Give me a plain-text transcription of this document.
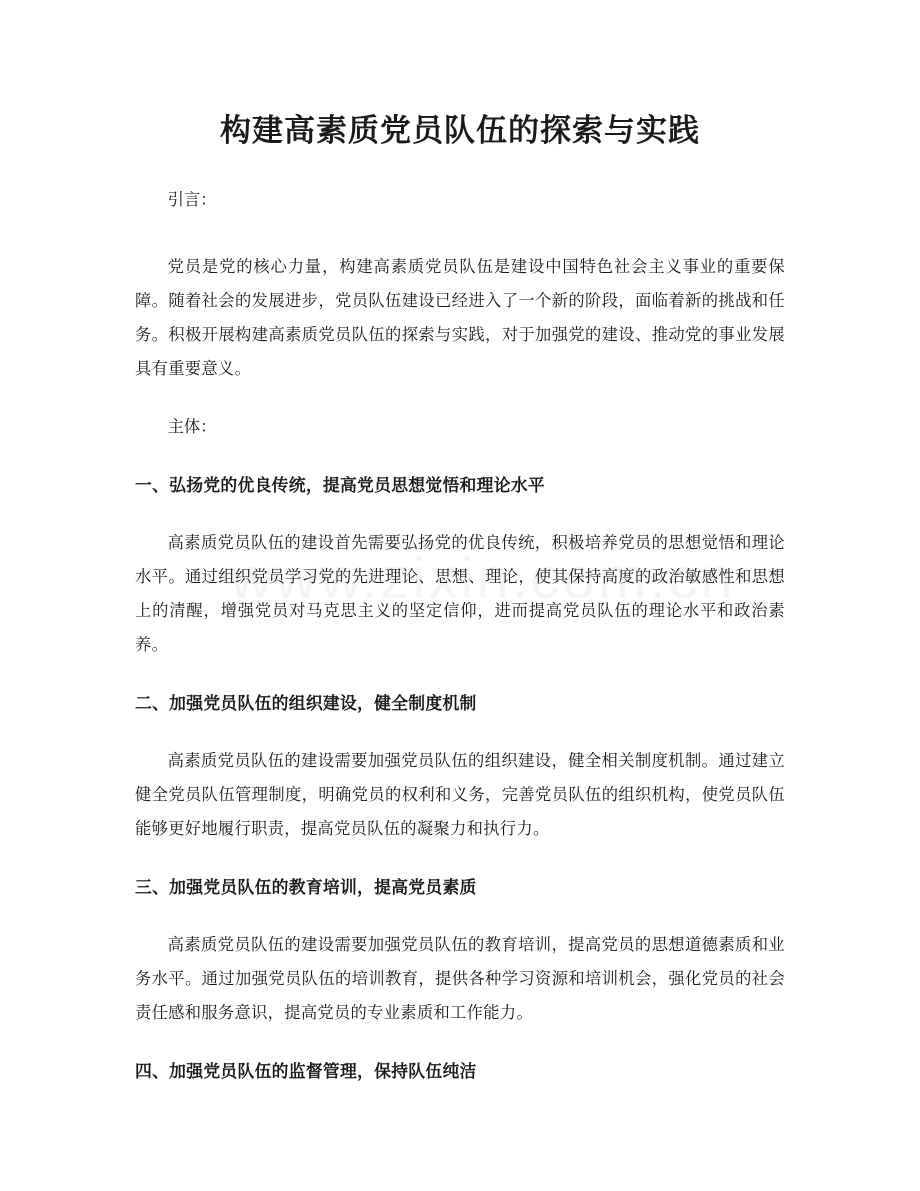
构建高素质党员队伍的探索与实践

引言：

党员是党的核心力量，构建高素质党员队伍是建设中国特色社会主义事业的重要保障。随着社会的发展进步，党员队伍建设已经进入了一个新的阶段，面临着新的挑战和任务。积极开展构建高素质党员队伍的探索与实践，对于加强党的建设、推动党的事业发展具有重要意义。

主体：

一、弘扬党的优良传统，提高党员思想觉悟和理论水平

高素质党员队伍的建设首先需要弘扬党的优良传统，积极培养党员的思想觉悟和理论水平。通过组织党员学习党的先进理论、思想、理论，使其保持高度的政治敏感性和思想上的清醒，增强党员对马克思主义的坚定信仰，进而提高党员队伍的理论水平和政治素养。

二、加强党员队伍的组织建设，健全制度机制

高素质党员队伍的建设需要加强党员队伍的组织建设，健全相关制度机制。通过建立健全党员队伍管理制度，明确党员的权利和义务，完善党员队伍的组织机构，使党员队伍能够更好地履行职责，提高党员队伍的凝聚力和执行力。

三、加强党员队伍的教育培训，提高党员素质

高素质党员队伍的建设需要加强党员队伍的教育培训，提高党员的思想道德素质和业务水平。通过加强党员队伍的培训教育，提供各种学习资源和培训机会，强化党员的社会责任感和服务意识，提高党员的专业素质和工作能力。

四、加强党员队伍的监督管理，保持队伍纯洁
